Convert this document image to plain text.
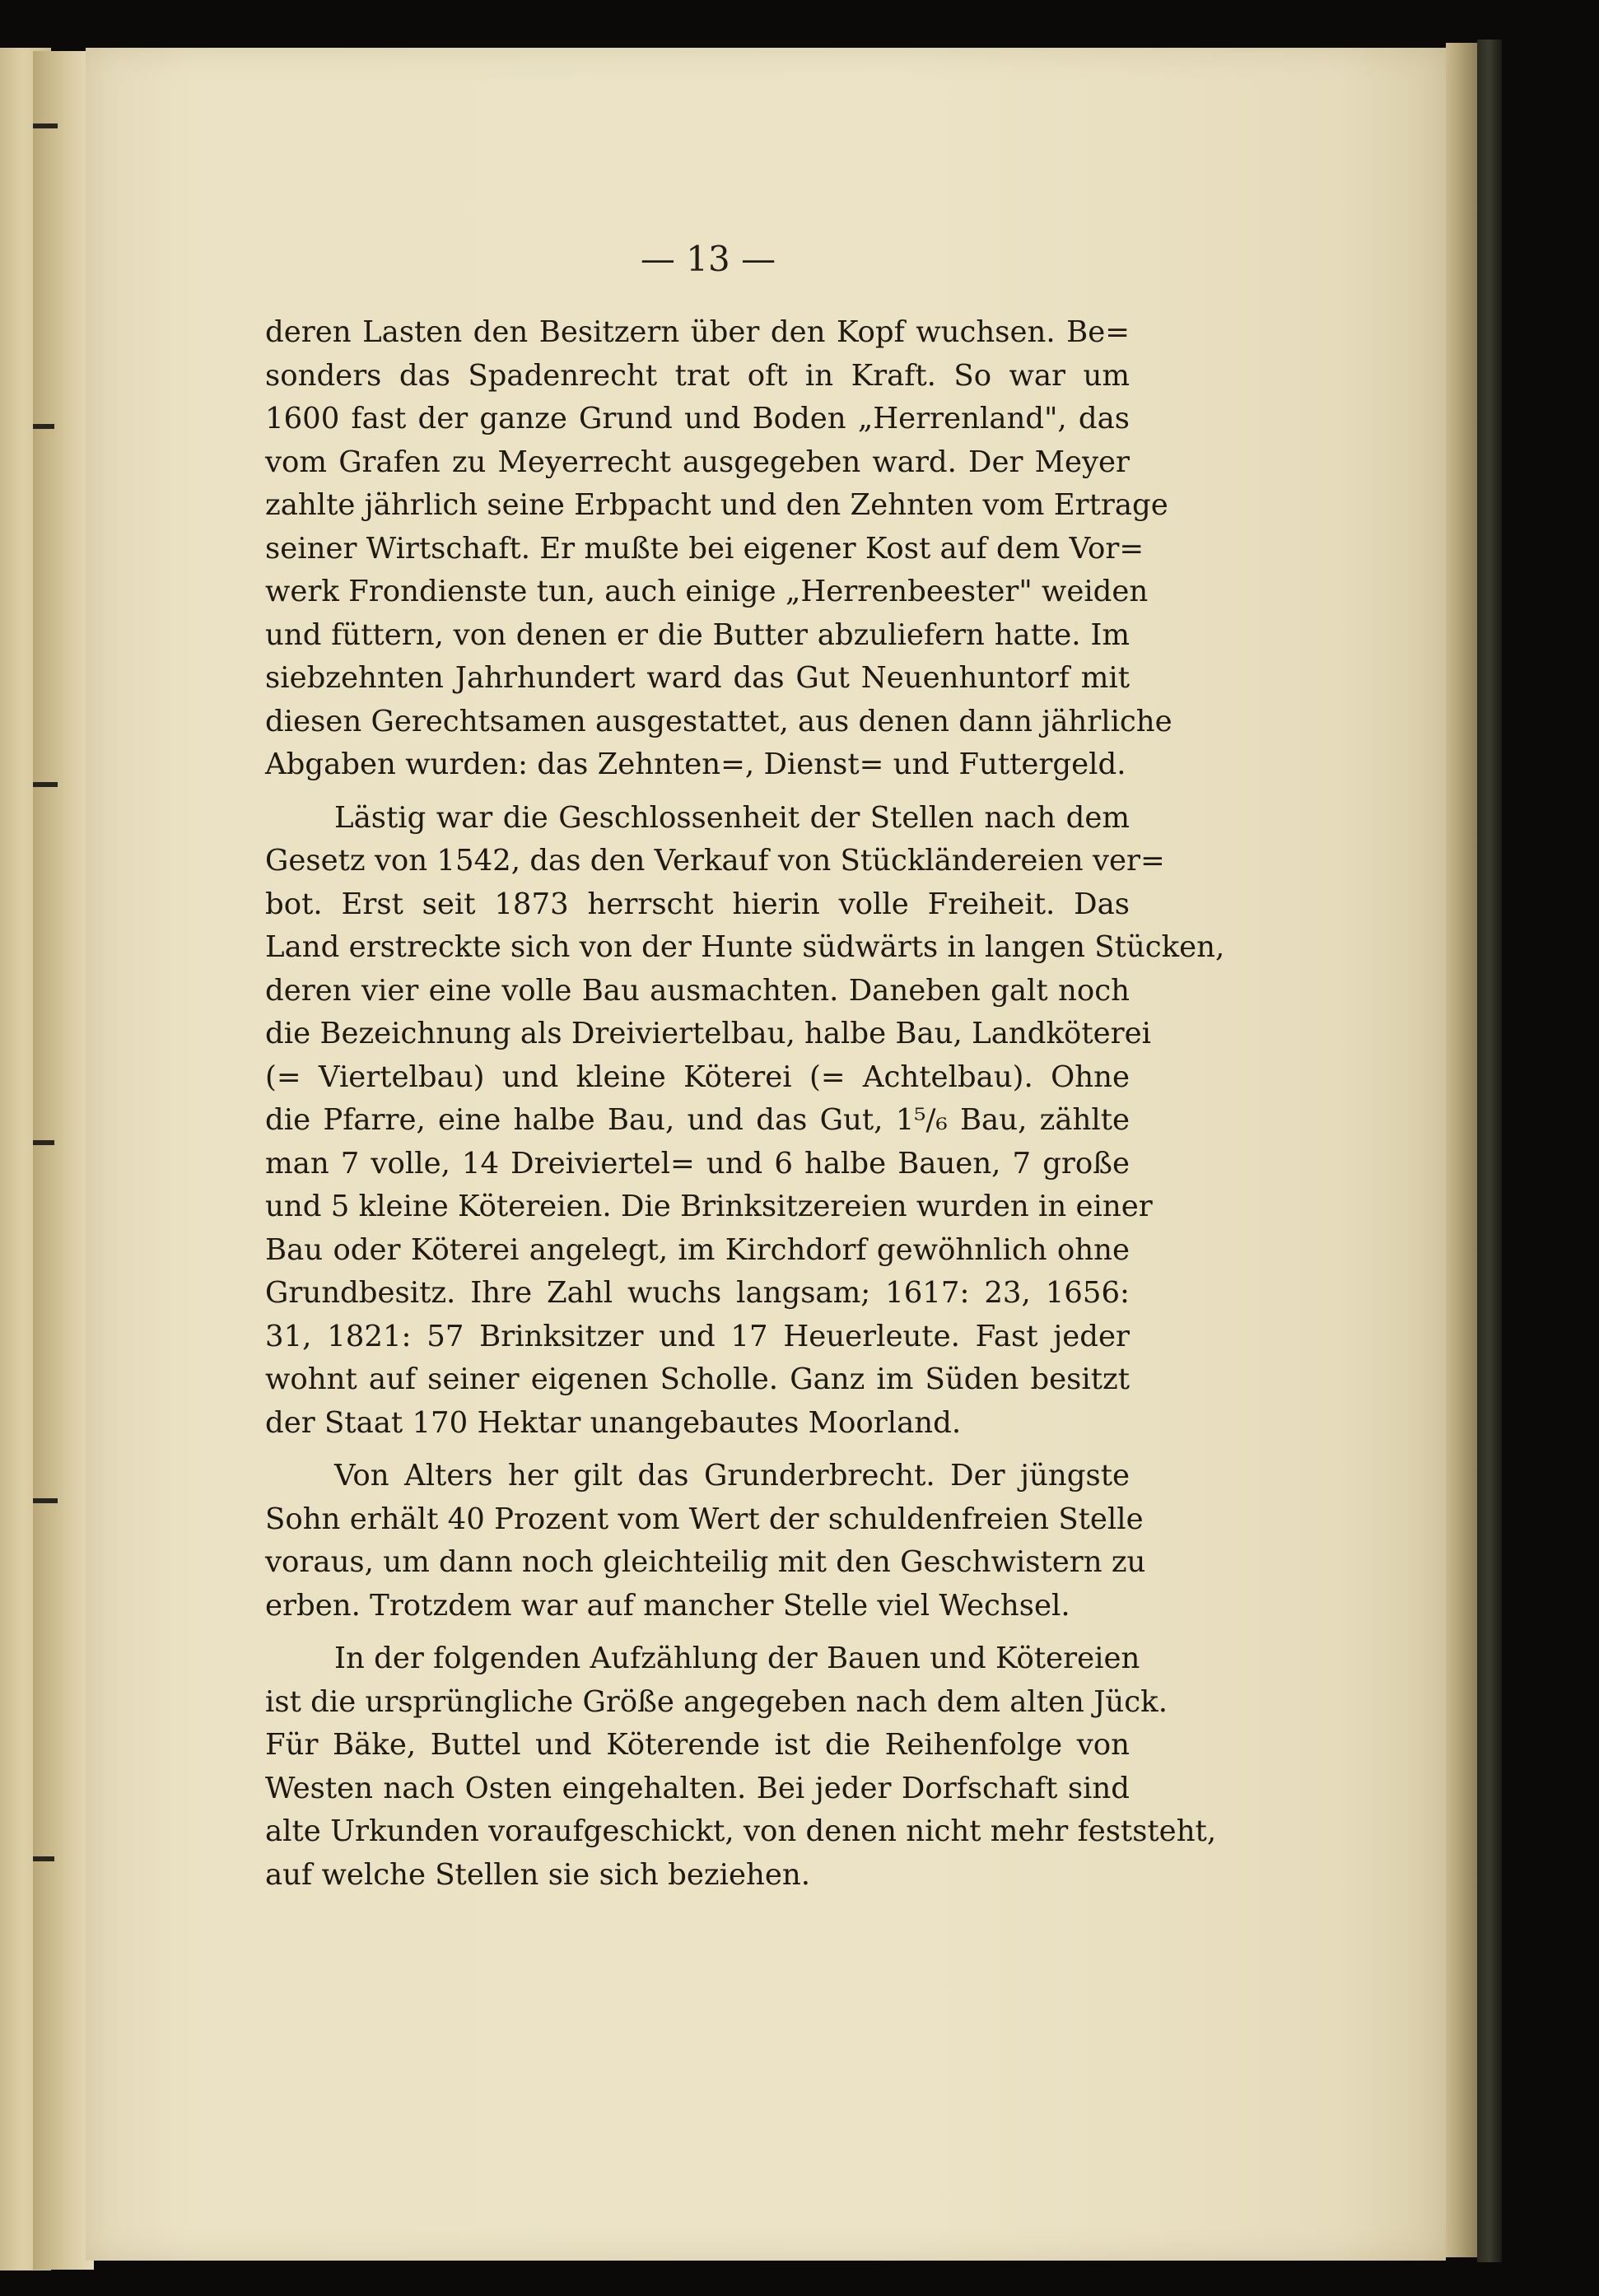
— 13 —
deren Lasten den Besitzern über den Kopf wuchsen. Be=
sonders das Spadenrecht trat oft in Kraft. So war um
1600 fast der ganze Grund und Boden „Herrenland", das
vom Grafen zu Meyerrecht ausgegeben ward. Der Meyer
zahlte jährlich seine Erbpacht und den Zehnten vom Ertrage
seiner Wirtschaft. Er mußte bei eigener Kost auf dem Vor=
werk Frondienste tun, auch einige „Herrenbeester" weiden
und füttern, von denen er die Butter abzuliefern hatte. Im
siebzehnten Jahrhundert ward das Gut Neuenhuntorf mit
diesen Gerechtsamen ausgestattet, aus denen dann jährliche
Abgaben wurden: das Zehnten=, Dienst= und Futtergeld.
Lästig war die Geschlossenheit der Stellen nach dem
Gesetz von 1542, das den Verkauf von Stückländereien ver=
bot. Erst seit 1873 herrscht hierin volle Freiheit. Das
Land erstreckte sich von der Hunte südwärts in langen Stücken,
deren vier eine volle Bau ausmachten. Daneben galt noch
die Bezeichnung als Dreiviertelbau, halbe Bau, Landköterei
(= Viertelbau) und kleine Köterei (= Achtelbau). Ohne
die Pfarre, eine halbe Bau, und das Gut, 1⁵/₆ Bau, zählte
man 7 volle, 14 Dreiviertel= und 6 halbe Bauen, 7 große
und 5 kleine Kötereien. Die Brinksitzereien wurden in einer
Bau oder Köterei angelegt, im Kirchdorf gewöhnlich ohne
Grundbesitz. Ihre Zahl wuchs langsam; 1617: 23, 1656:
31, 1821: 57 Brinksitzer und 17 Heuerleute. Fast jeder
wohnt auf seiner eigenen Scholle. Ganz im Süden besitzt
der Staat 170 Hektar unangebautes Moorland.
Von Alters her gilt das Grunderbrecht. Der jüngste
Sohn erhält 40 Prozent vom Wert der schuldenfreien Stelle
voraus, um dann noch gleichteilig mit den Geschwistern zu
erben. Trotzdem war auf mancher Stelle viel Wechsel.
In der folgenden Aufzählung der Bauen und Kötereien
ist die ursprüngliche Größe angegeben nach dem alten Jück.
Für Bäke, Buttel und Köterende ist die Reihenfolge von
Westen nach Osten eingehalten. Bei jeder Dorfschaft sind
alte Urkunden voraufgeschickt, von denen nicht mehr feststeht,
auf welche Stellen sie sich beziehen.
